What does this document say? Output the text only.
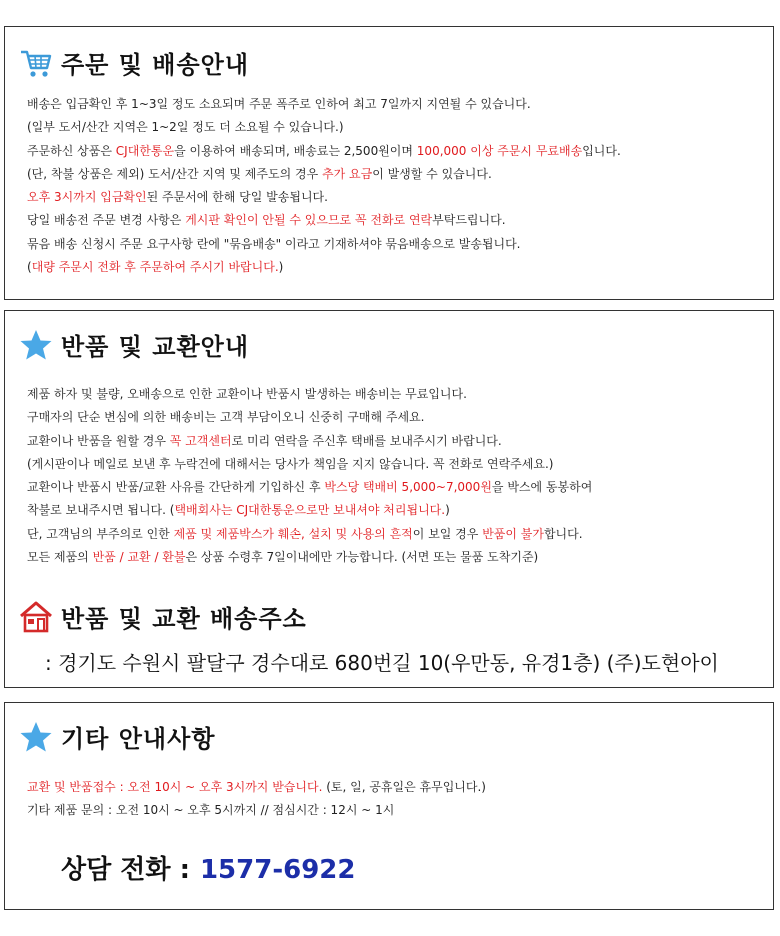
주문 및 배송안내
배송은 입금확인 후 1~3일 정도 소요되며 주문 폭주로 인하여 최고 7일까지 지연될 수 있습니다.
(일부 도서/산간 지역은 1~2일 정도 더 소요될 수 있습니다.)
주문하신 상품은 CJ대한통운을 이용하여 배송되며, 배송료는 2,500원이며 100,000 이상 주문시 무료배송입니다.
(단, 착불 상품은 제외) 도서/산간 지역 및 제주도의 경우 추가 요금이 발생할 수 있습니다.
오후 3시까지 입금확인된 주문서에 한해 당일 발송됩니다.
당일 배송전 주문 변경 사항은 게시판 확인이 안될 수 있으므로 꼭 전화로 연락부탁드립니다.
묶음 배송 신청시 주문 요구사항 란에 "묶음배송" 이라고 기재하셔야 묶음배송으로 발송됩니다.
(대량 주문시 전화 후 주문하여 주시기 바랍니다.)
반품 및 교환안내
제품 하자 및 불량, 오배송으로 인한 교환이나 반품시 발생하는 배송비는 무료입니다.
구매자의 단순 변심에 의한 배송비는 고객 부담이오니 신중히 구매해 주세요.
교환이나 반품을 원할 경우 꼭 고객센터로 미리 연락을 주신후 택배를 보내주시기 바랍니다.
(게시판이나 메일로 보낸 후 누락건에 대해서는 당사가 책임을 지지 않습니다. 꼭 전화로 연락주세요.)
교환이나 반품시 반품/교환 사유를 간단하게 기입하신 후 박스당 택배비 5,000~7,000원을 박스에 동봉하여
착불로 보내주시면 됩니다. (택배회사는 CJ대한통운으로만 보내셔야 처리됩니다.)
단, 고객님의 부주의로 인한 제품 및 제품박스가 훼손, 설치 및 사용의 흔적이 보일 경우 반품이 불가합니다.
모든 제품의 반품 / 교환 / 환불은 상품 수령후 7일이내에만 가능합니다. (서면 또는 물품 도착기준)
반품 및 교환 배송주소
: 경기도 수원시 팔달구 경수대로 680번길 10(우만동, 유경1층) (주)도현아이
기타 안내사항
교환 및 반품접수 : 오전 10시 ~ 오후 3시까지 받습니다. (토, 일, 공휴일은 휴무입니다.)
기타 제품 문의 : 오전 10시 ~ 오후 5시까지 // 점심시간 : 12시 ~ 1시
상담 전화 : 1577-6922
